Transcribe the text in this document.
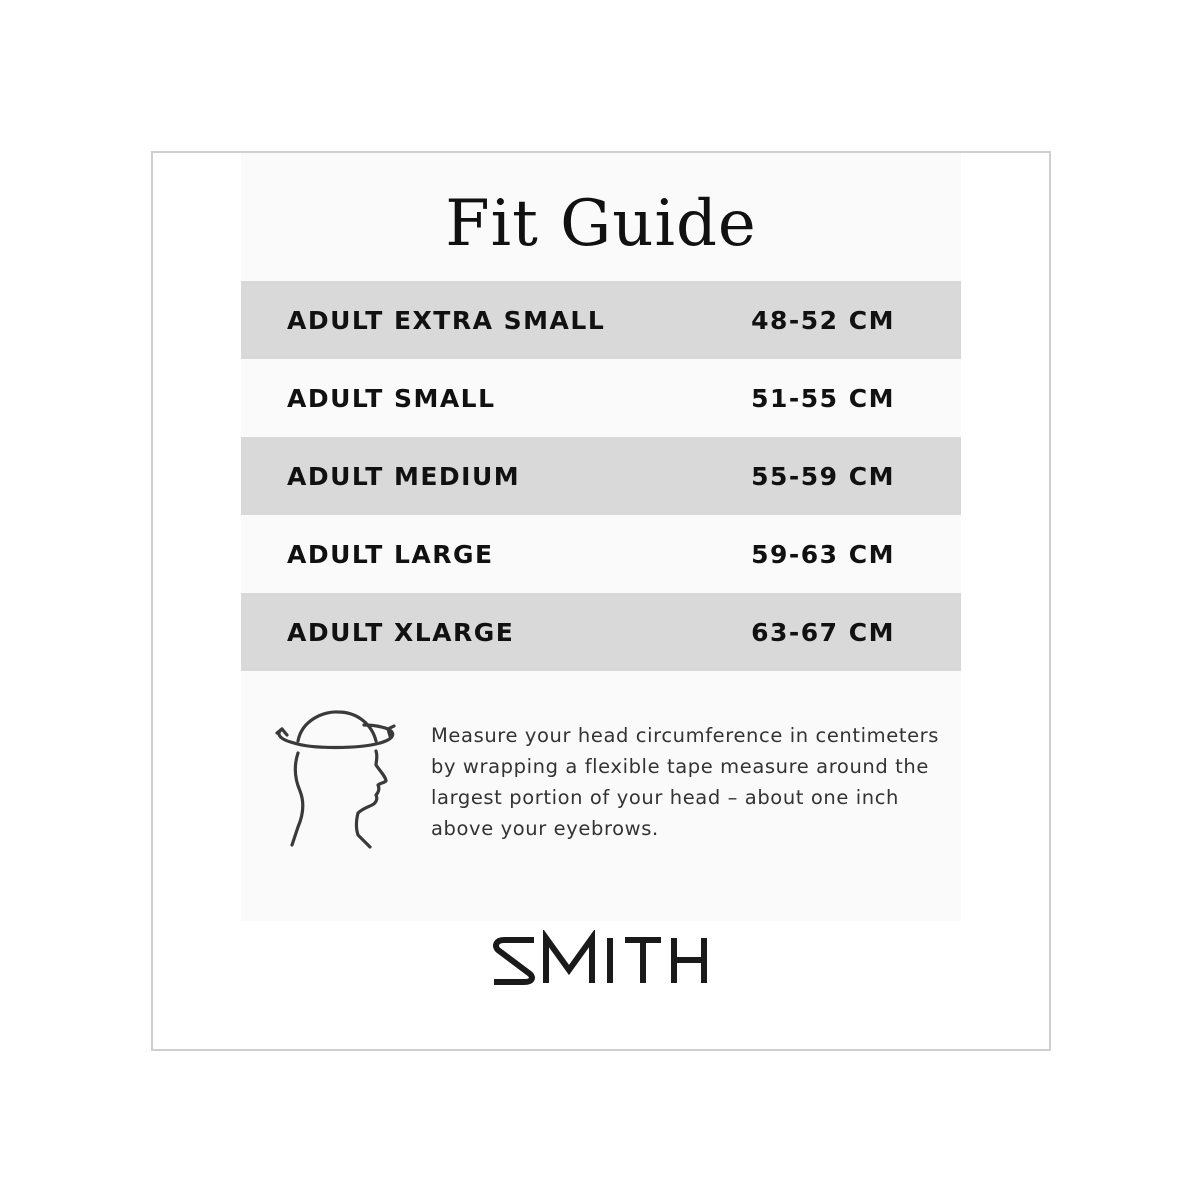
Fit Guide
ADULT EXTRA SMALL	48-52 CM
ADULT SMALL	51-55 CM
ADULT MEDIUM	55-59 CM
ADULT LARGE	59-63 CM
ADULT XLARGE	63-67 CM
Measure your head circumference in centimeters by wrapping a flexible tape measure around the largest portion of your head – about one inch above your eyebrows.
